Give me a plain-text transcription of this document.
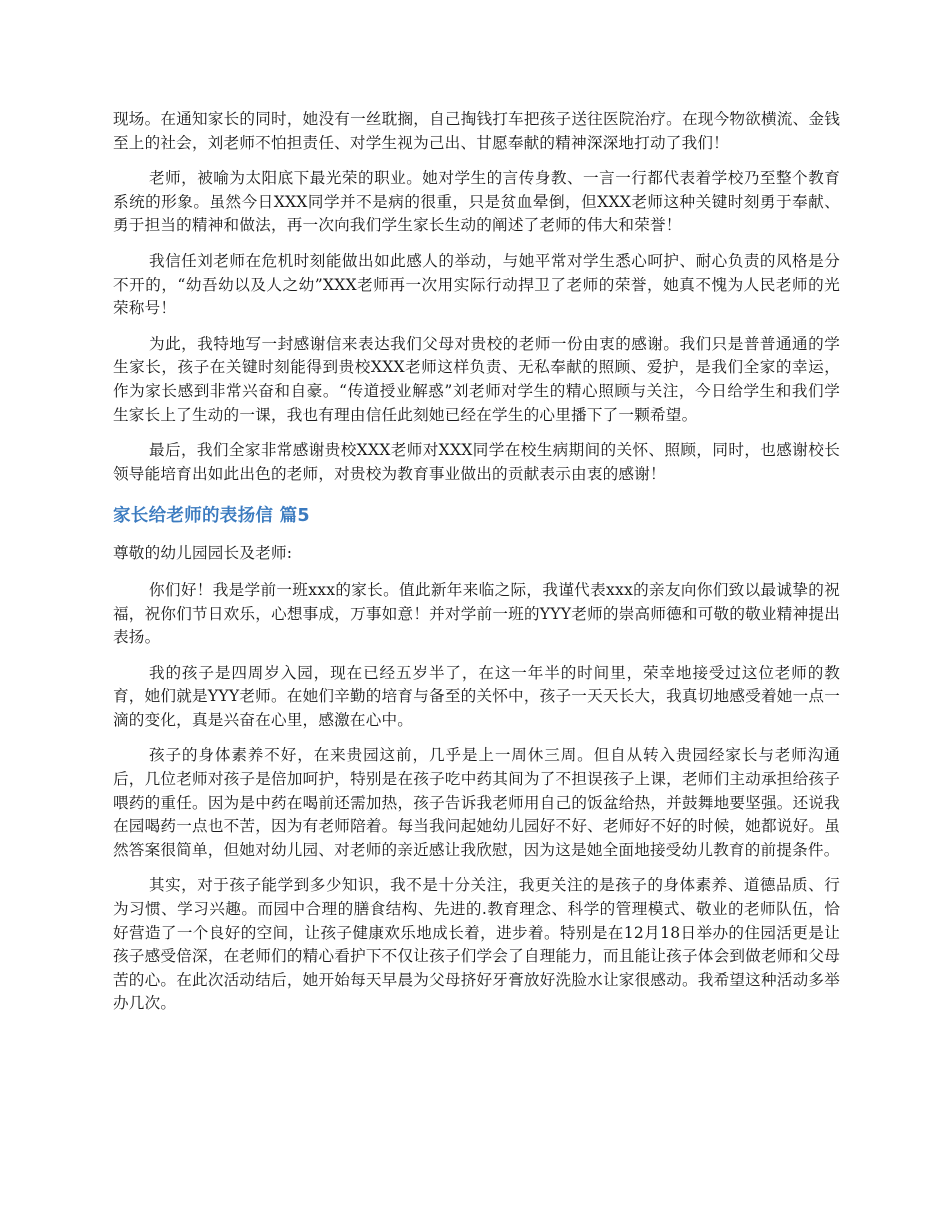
现场。在通知家长的同时，她没有一丝耽搁，自己掏钱打车把孩子送往医院治疗。在现今物欲横流、金钱至上的社会，刘老师不怕担责任、对学生视为己出、甘愿奉献的精神深深地打动了我们！

老师，被喻为太阳底下最光荣的职业。她对学生的言传身教、一言一行都代表着学校乃至整个教育系统的形象。虽然今日XXX同学并不是病的很重，只是贫血晕倒，但XXX老师这种关键时刻勇于奉献、勇于担当的精神和做法，再一次向我们学生家长生动的阐述了老师的伟大和荣誉！

我信任刘老师在危机时刻能做出如此感人的举动，与她平常对学生悉心呵护、耐心负责的风格是分不开的，“幼吾幼以及人之幼”XXX老师再一次用实际行动捍卫了老师的荣誉，她真不愧为人民老师的光荣称号！

为此，我特地写一封感谢信来表达我们父母对贵校的老师一份由衷的感谢。我们只是普普通通的学生家长，孩子在关键时刻能得到贵校XXX老师这样负责、无私奉献的照顾、爱护，是我们全家的幸运，作为家长感到非常兴奋和自豪。“传道授业解惑”刘老师对学生的精心照顾与关注，今日给学生和我们学生家长上了生动的一课，我也有理由信任此刻她已经在学生的心里播下了一颗希望。

最后，我们全家非常感谢贵校XXX老师对XXX同学在校生病期间的关怀、照顾，同时，也感谢校长领导能培育出如此出色的老师，对贵校为教育事业做出的贡献表示由衷的感谢！

家长给老师的表扬信 篇5

尊敬的幼儿园园长及老师:

你们好！我是学前一班xxx的家长。值此新年来临之际，我谨代表xxx的亲友向你们致以最诚挚的祝福，祝你们节日欢乐，心想事成，万事如意！并对学前一班的YYY老师的崇高师德和可敬的敬业精神提出表扬。

我的孩子是四周岁入园，现在已经五岁半了，在这一年半的时间里，荣幸地接受过这位老师的教育，她们就是YYY老师。在她们辛勤的培育与备至的关怀中，孩子一天天长大，我真切地感受着她一点一滴的变化，真是兴奋在心里，感激在心中。

孩子的身体素养不好，在来贵园这前，几乎是上一周休三周。但自从转入贵园经家长与老师沟通后，几位老师对孩子是倍加呵护，特别是在孩子吃中药其间为了不担误孩子上课，老师们主动承担给孩子喂药的重任。因为是中药在喝前还需加热，孩子告诉我老师用自己的饭盆给热，并鼓舞地要坚强。还说我在园喝药一点也不苦，因为有老师陪着。每当我问起她幼儿园好不好、老师好不好的时候，她都说好。虽然答案很简单，但她对幼儿园、对老师的亲近感让我欣慰，因为这是她全面地接受幼儿教育的前提条件。

其实，对于孩子能学到多少知识，我不是十分关注，我更关注的是孩子的身体素养、道德品质、行为习惯、学习兴趣。而园中合理的膳食结构、先进的.教育理念、科学的管理模式、敬业的老师队伍，恰好营造了一个良好的空间，让孩子健康欢乐地成长着，进步着。特别是在12月18日举办的住园活更是让孩子感受倍深，在老师们的精心看护下不仅让孩子们学会了自理能力，而且能让孩子体会到做老师和父母苦的心。在此次活动结后，她开始每天早晨为父母挤好牙膏放好洗脸水让家很感动。我希望这种活动多举办几次。
